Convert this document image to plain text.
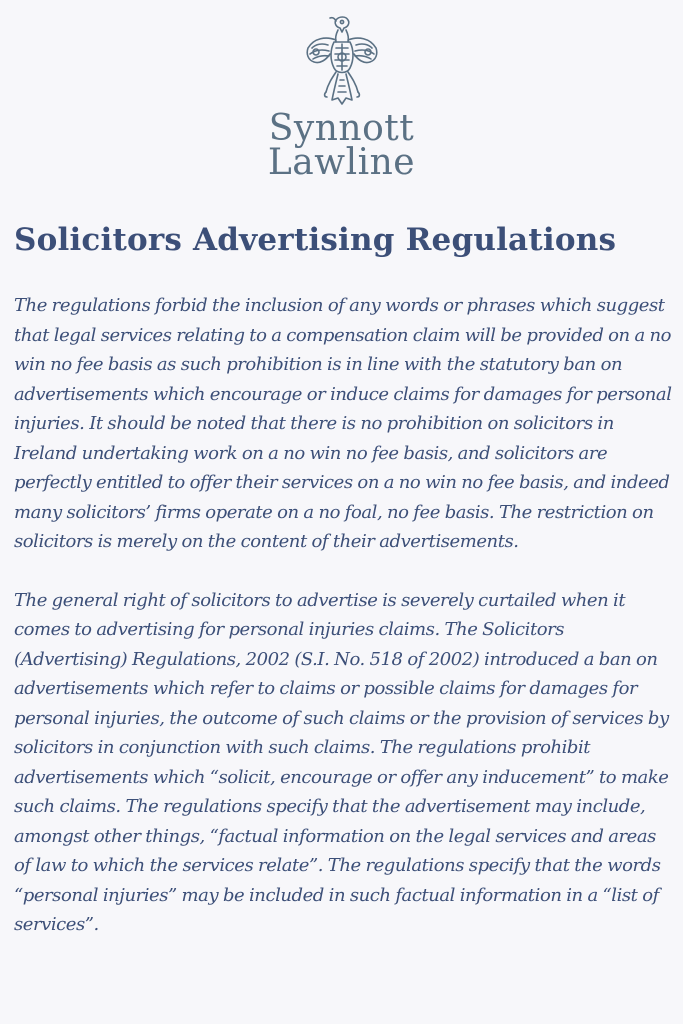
Synnott
Lawline
Solicitors Advertising Regulations

The regulations forbid the inclusion of any words or phrases which suggest that legal services relating to a compensation claim will be provided on a no win no fee basis as such prohibition is in line with the statutory ban on advertisements which encourage or induce claims for damages for personal injuries. It should be noted that there is no prohibition on solicitors in Ireland undertaking work on a no win no fee basis, and solicitors are perfectly entitled to offer their services on a no win no fee basis, and indeed many solicitors’ firms operate on a no foal, no fee basis. The restriction on solicitors is merely on the content of their advertisements.

The general right of solicitors to advertise is severely curtailed when it comes to advertising for personal injuries claims. The Solicitors (Advertising) Regulations, 2002 (S.I. No. 518 of 2002) introduced a ban on advertisements which refer to claims or possible claims for damages for personal injuries, the outcome of such claims or the provision of services by solicitors in conjunction with such claims. The regulations prohibit advertisements which “solicit, encourage or offer any inducement” to make such claims. The regulations specify that the advertisement may include, amongst other things, “factual information on the legal services and areas of law to which the services relate”. The regulations specify that the words “personal injuries” may be included in such factual information in a “list of services”.
